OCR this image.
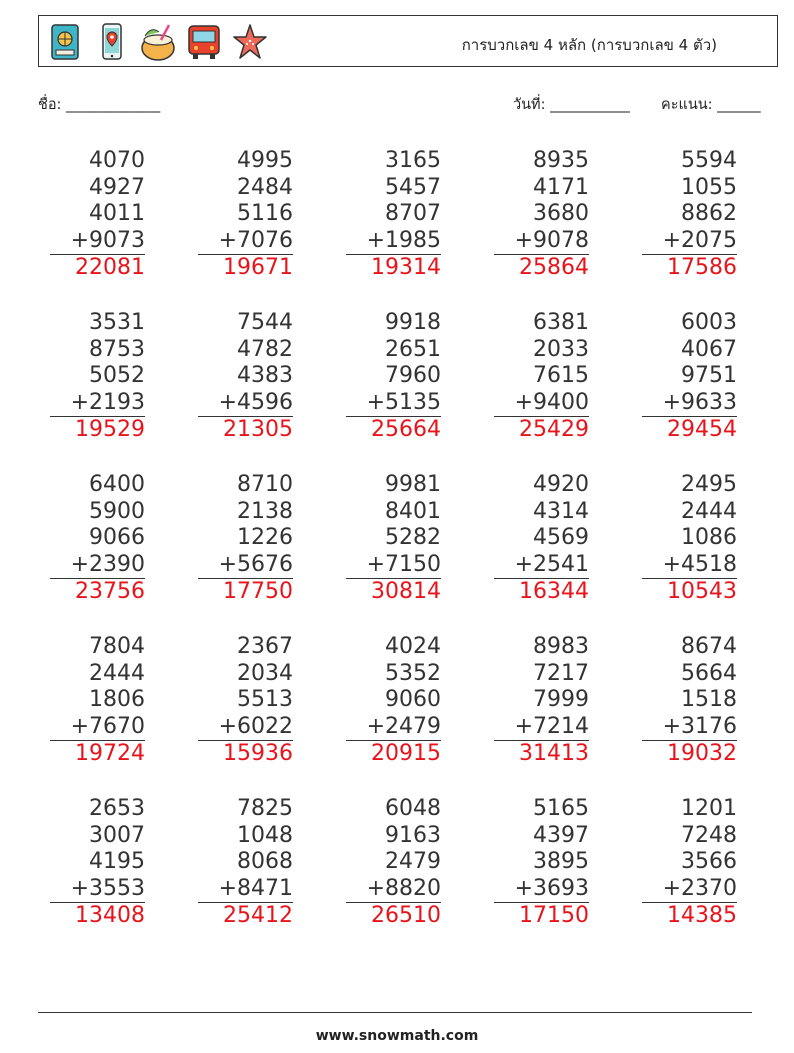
การบวกเลข 4 หลัก (การบวกเลข 4 ตัว)
ชื่อ: _____________	วันที่: ___________ คะแนน: ______
4070
4927
4011
+9073
22081
4995
2484
5116
+7076
19671
3165
5457
8707
+1985
19314
8935
4171
3680
+9078
25864
5594
1055
8862
+2075
17586
3531
8753
5052
+2193
19529
7544
4782
4383
+4596
21305
9918
2651
7960
+5135
25664
6381
2033
7615
+9400
25429
6003
4067
9751
+9633
29454
6400
5900
9066
+2390
23756
8710
2138
1226
+5676
17750
9981
8401
5282
+7150
30814
4920
4314
4569
+2541
16344
2495
2444
1086
+4518
10543
7804
2444
1806
+7670
19724
2367
2034
5513
+6022
15936
4024
5352
9060
+2479
20915
8983
7217
7999
+7214
31413
8674
5664
1518
+3176
19032
2653
3007
4195
+3553
13408
7825
1048
8068
+8471
25412
6048
9163
2479
+8820
26510
5165
4397
3895
+3693
17150
1201
7248
3566
+2370
14385
www.snowmath.com
